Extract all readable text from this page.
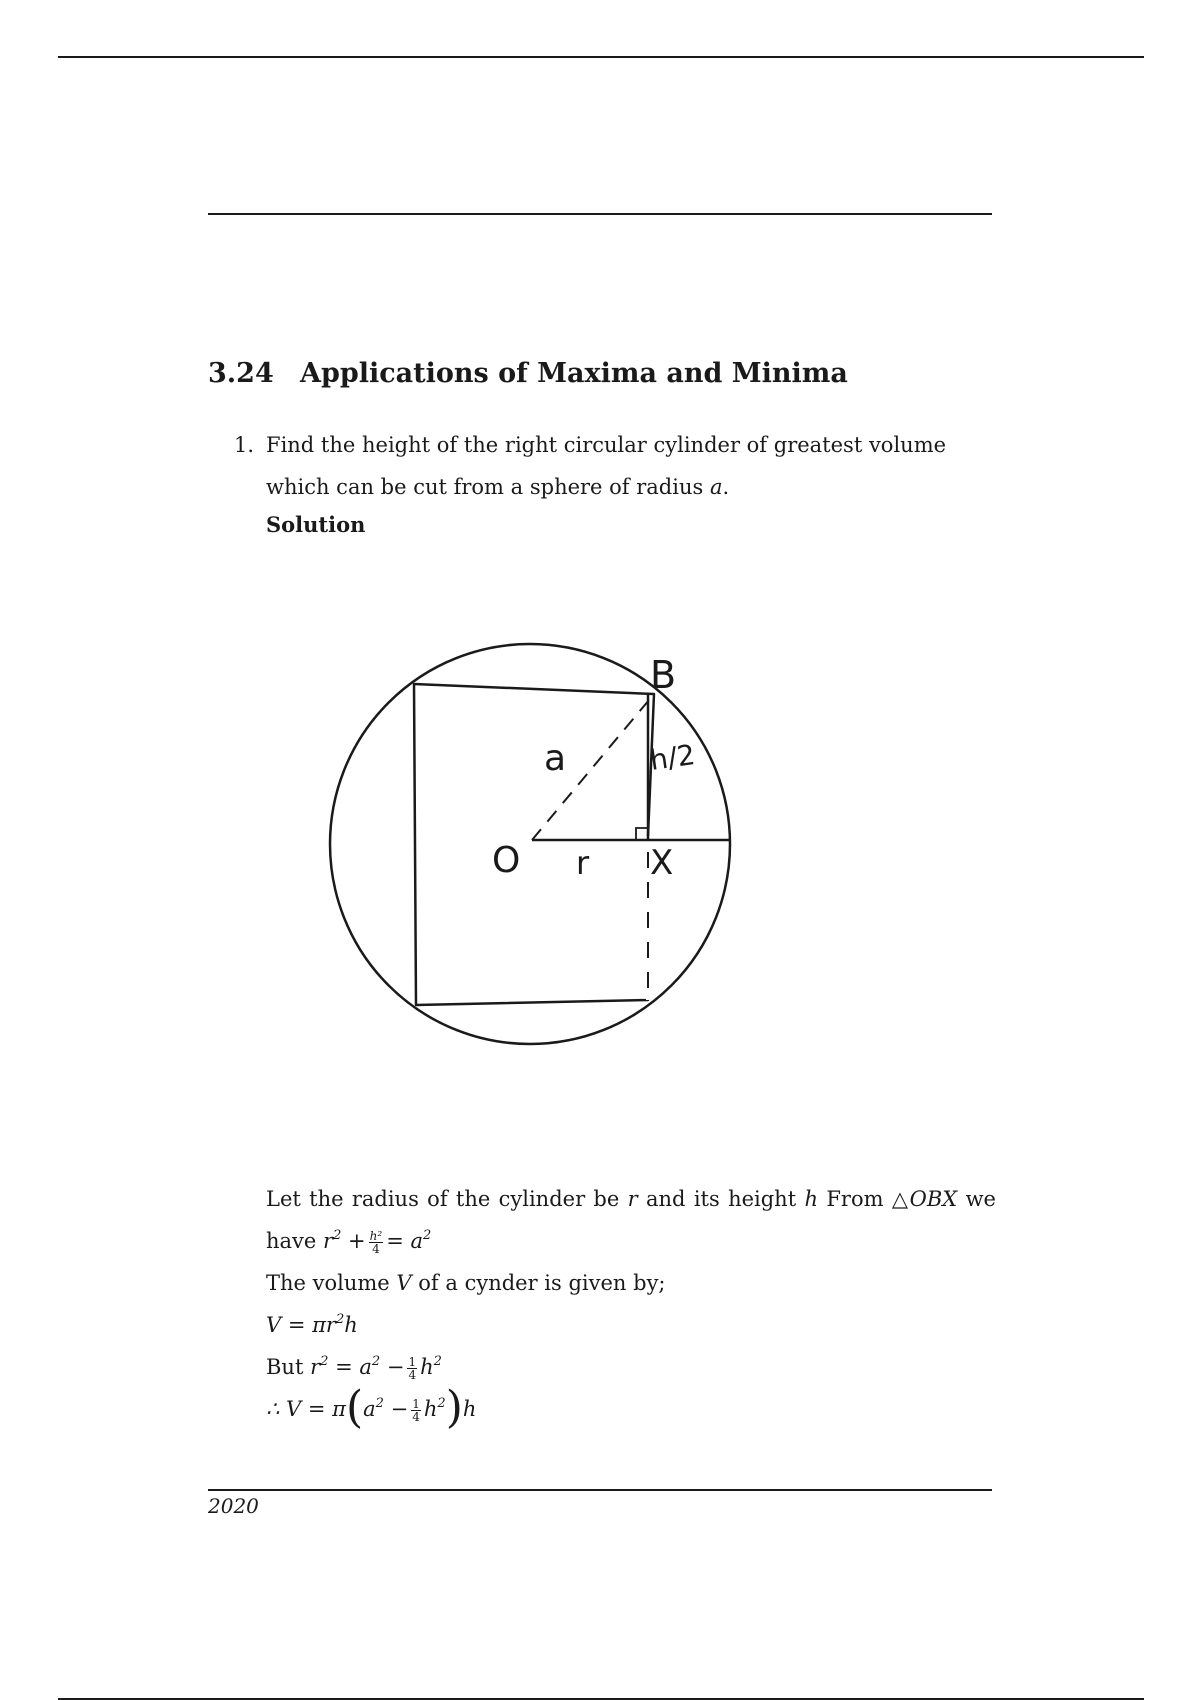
3.24 Applications of Maxima and Minima
1. Find the height of the right circular cylinder of greatest volume which can be cut from a sphere of radius a.
Solution
B
a	h/2
O r X
Let the radius of the cylinder be r and its height h From △OBX we
have $r^2 + \frac{\text{h²}}{4} = a^2$
The volume V of a cynder is given by;
$V = \pi r^2h$
But $r^2 = a^2 - \frac{1}{4} h^2$
∴ $V = \pi(a^2 - \frac{1}{4} h^2)h$
2020
